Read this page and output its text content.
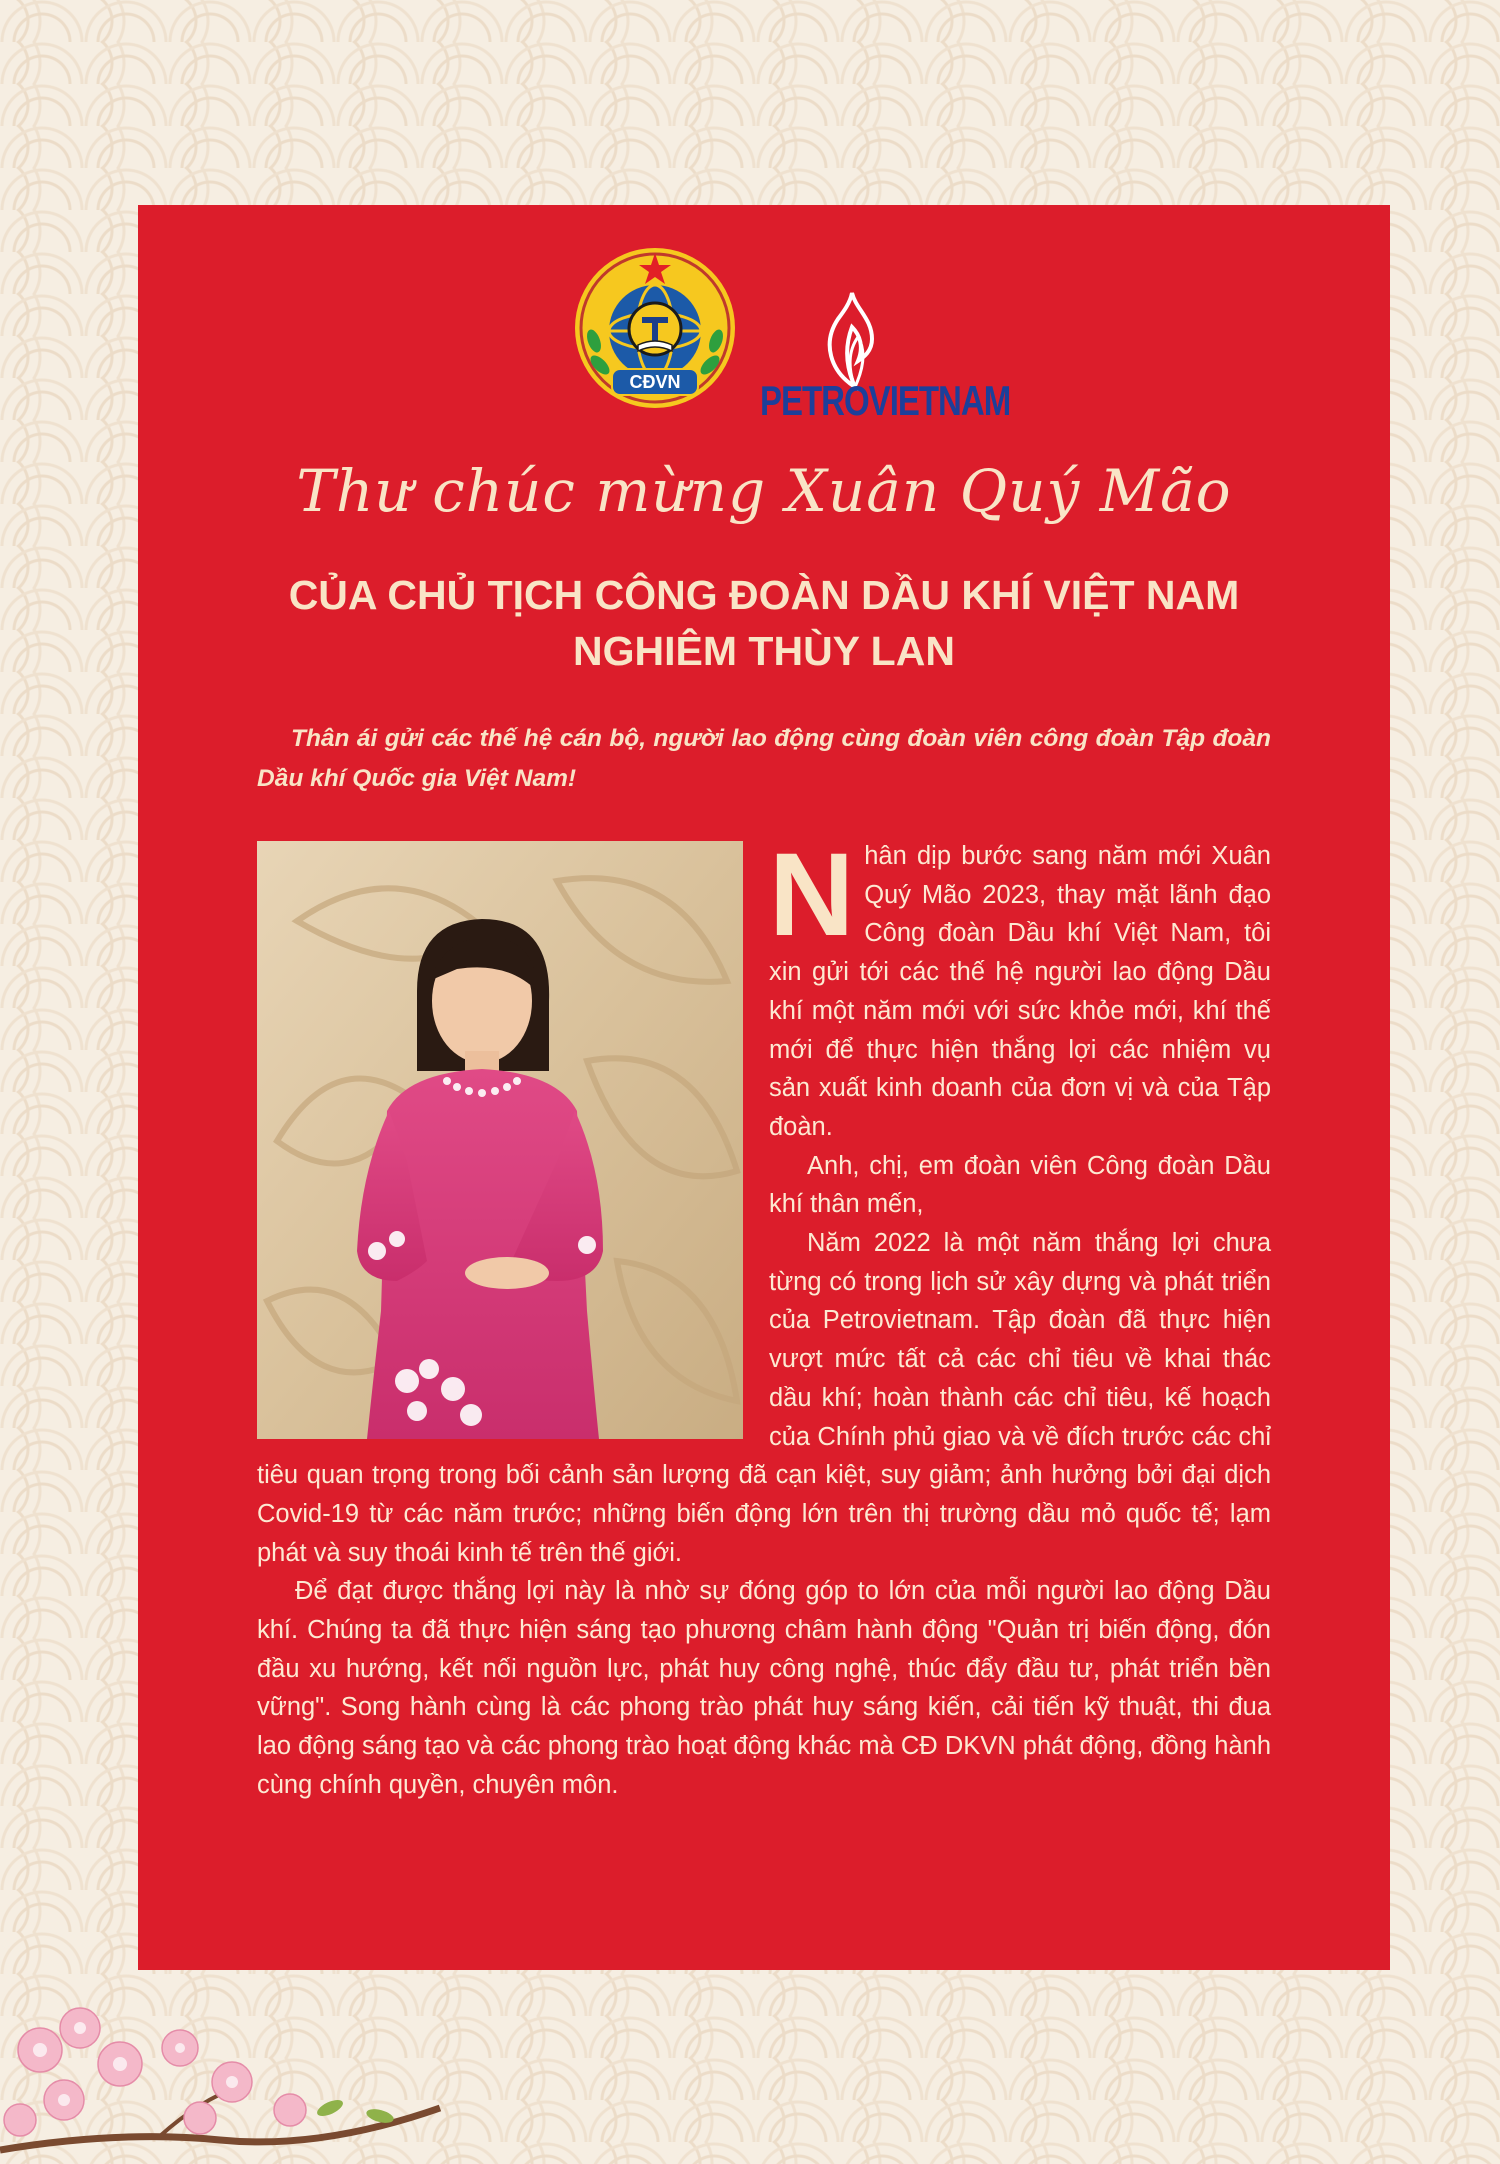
CĐVN PETROVIETNAM
Thư chúc mừng Xuân Quý Mão
CỦA CHỦ TỊCH CÔNG ĐOÀN DẦU KHÍ VIỆT NAM
NGHIÊM THÙY LAN

Thân ái gửi các thế hệ cán bộ, người lao động cùng đoàn viên công đoàn Tập đoàn Dầu khí Quốc gia Việt Nam!

Nhân dịp bước sang năm mới Xuân Quý Mão 2023, thay mặt lãnh đạo Công đoàn Dầu khí Việt Nam, tôi xin gửi tới các thế hệ người lao động Dầu khí một năm mới với sức khỏe mới, khí thế mới để thực hiện thắng lợi các nhiệm vụ sản xuất kinh doanh của đơn vị và của Tập đoàn.

Anh, chị, em đoàn viên Công đoàn Dầu khí thân mến,

Năm 2022 là một năm thắng lợi chưa từng có trong lịch sử xây dựng và phát triển của Petrovietnam. Tập đoàn đã thực hiện vượt mức tất cả các chỉ tiêu về khai thác dầu khí; hoàn thành các chỉ tiêu, kế hoạch của Chính phủ giao và về đích trước các chỉ tiêu quan trọng trong bối cảnh sản lượng đã cạn kiệt, suy giảm; ảnh hưởng bởi đại dịch Covid-19 từ các năm trước; những biến động lớn trên thị trường dầu mỏ quốc tế; lạm phát và suy thoái kinh tế trên thế giới.

Để đạt được thắng lợi này là nhờ sự đóng góp to lớn của mỗi người lao động Dầu khí. Chúng ta đã thực hiện sáng tạo phương châm hành động "Quản trị biến động, đón đầu xu hướng, kết nối nguồn lực, phát huy công nghệ, thúc đẩy đầu tư, phát triển bền vững". Song hành cùng là các phong trào phát huy sáng kiến, cải tiến kỹ thuật, thi đua lao động sáng tạo và các phong trào hoạt động khác mà CĐ DKVN phát động, đồng hành cùng chính quyền, chuyên môn.
